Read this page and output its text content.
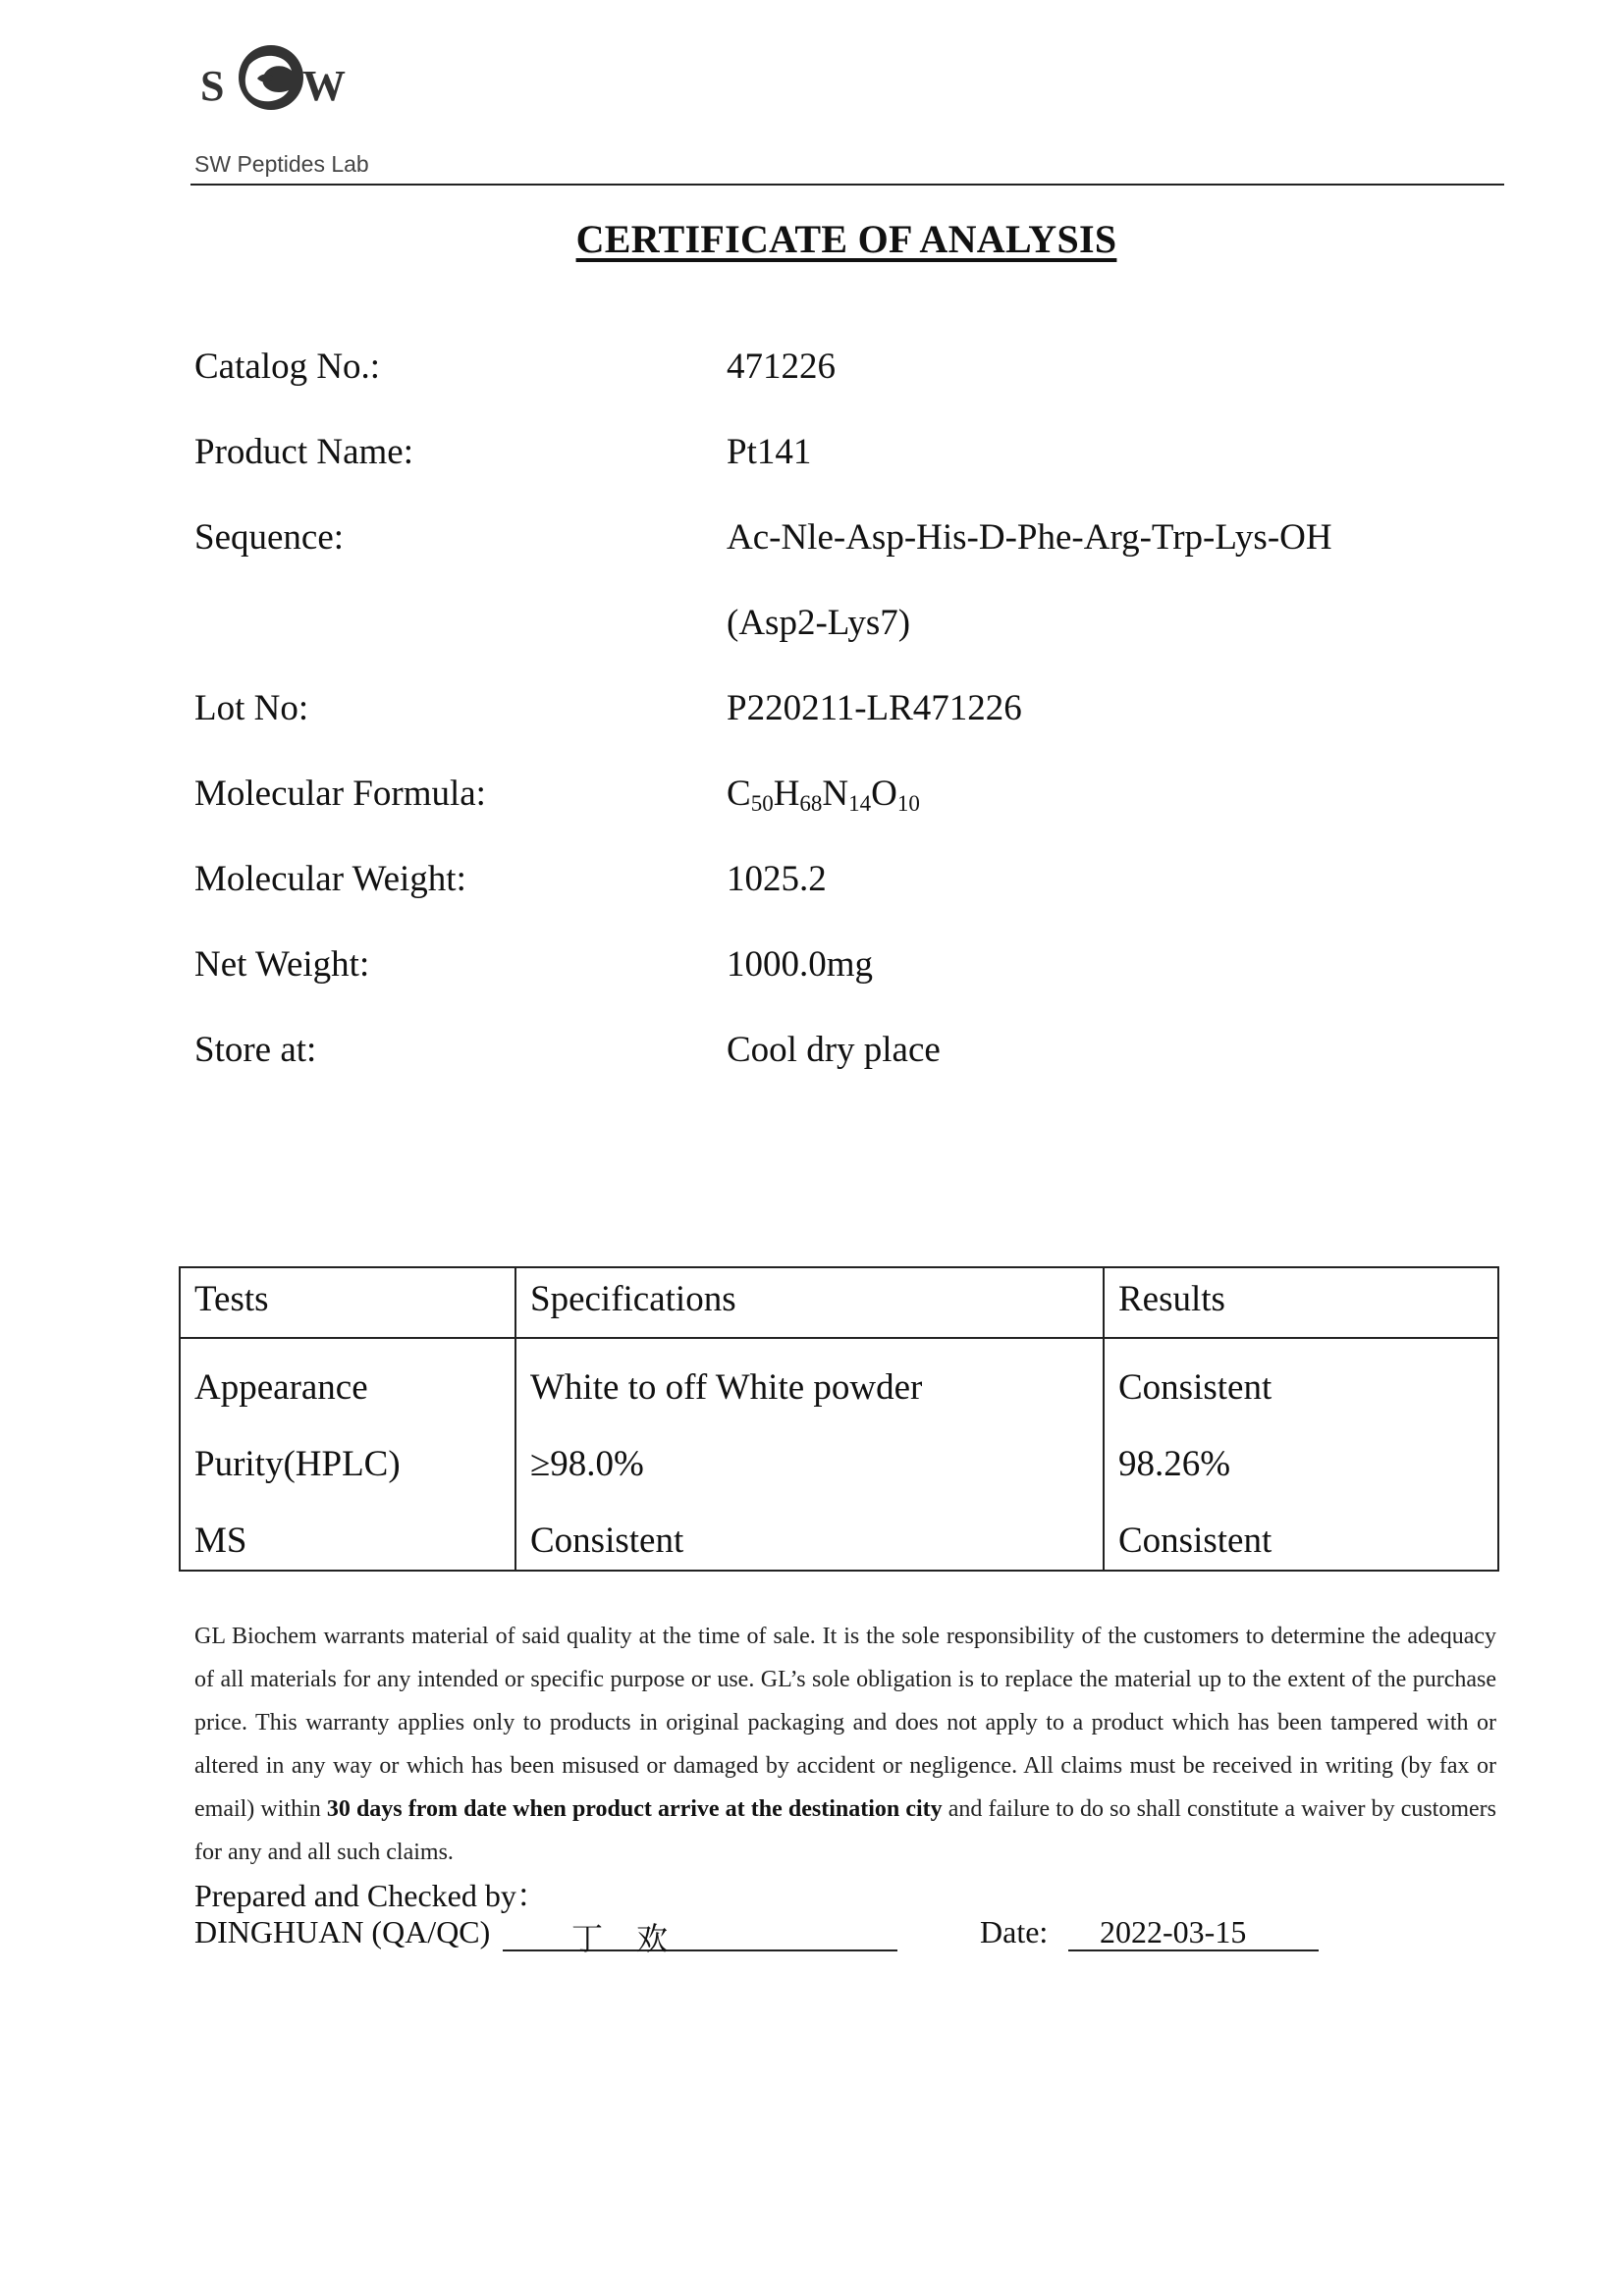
S W
SW Peptides Lab
CERTIFICATE OF ANALYSIS
Catalog No.:	471226
Product Name:	Pt141
Sequence:	Ac-Nle-Asp-His-D-Phe-Arg-Trp-Lys-OH
(Asp2-Lys7)
Lot No:	P220211-LR471226
Molecular Formula:	$C_{50}H_{68}N_{14}O_{10}$
Molecular Weight:	1025.2
Net Weight:	1000.0mg
Store at:	Cool dry place
Tests	Specifications	Results
Appearance	White to off White powder	Consistent
Purity(HPLC)	≥98.0%	98.26%
MS	Consistent	Consistent

GL Biochem warrants material of said quality at the time of sale. It is the sole responsibility of the customers to determine the adequacy of all materials for any intended or specific purpose or use. GL’s sole obligation is to replace the material up to the extent of the purchase price. This warranty applies only to products in original packaging and does not apply to a product which has been tampered with or altered in any way or which has been misused or damaged by accident or negligence. All claims must be received in writing (by fax or email) within 30 days from date when product arrive at the destination city and failure to do so shall constitute a waiver by customers for any and all such claims.

Prepared and Checked by：
DINGHUAN (QA/QC)	丁 欢	Date: 2022-03-15
